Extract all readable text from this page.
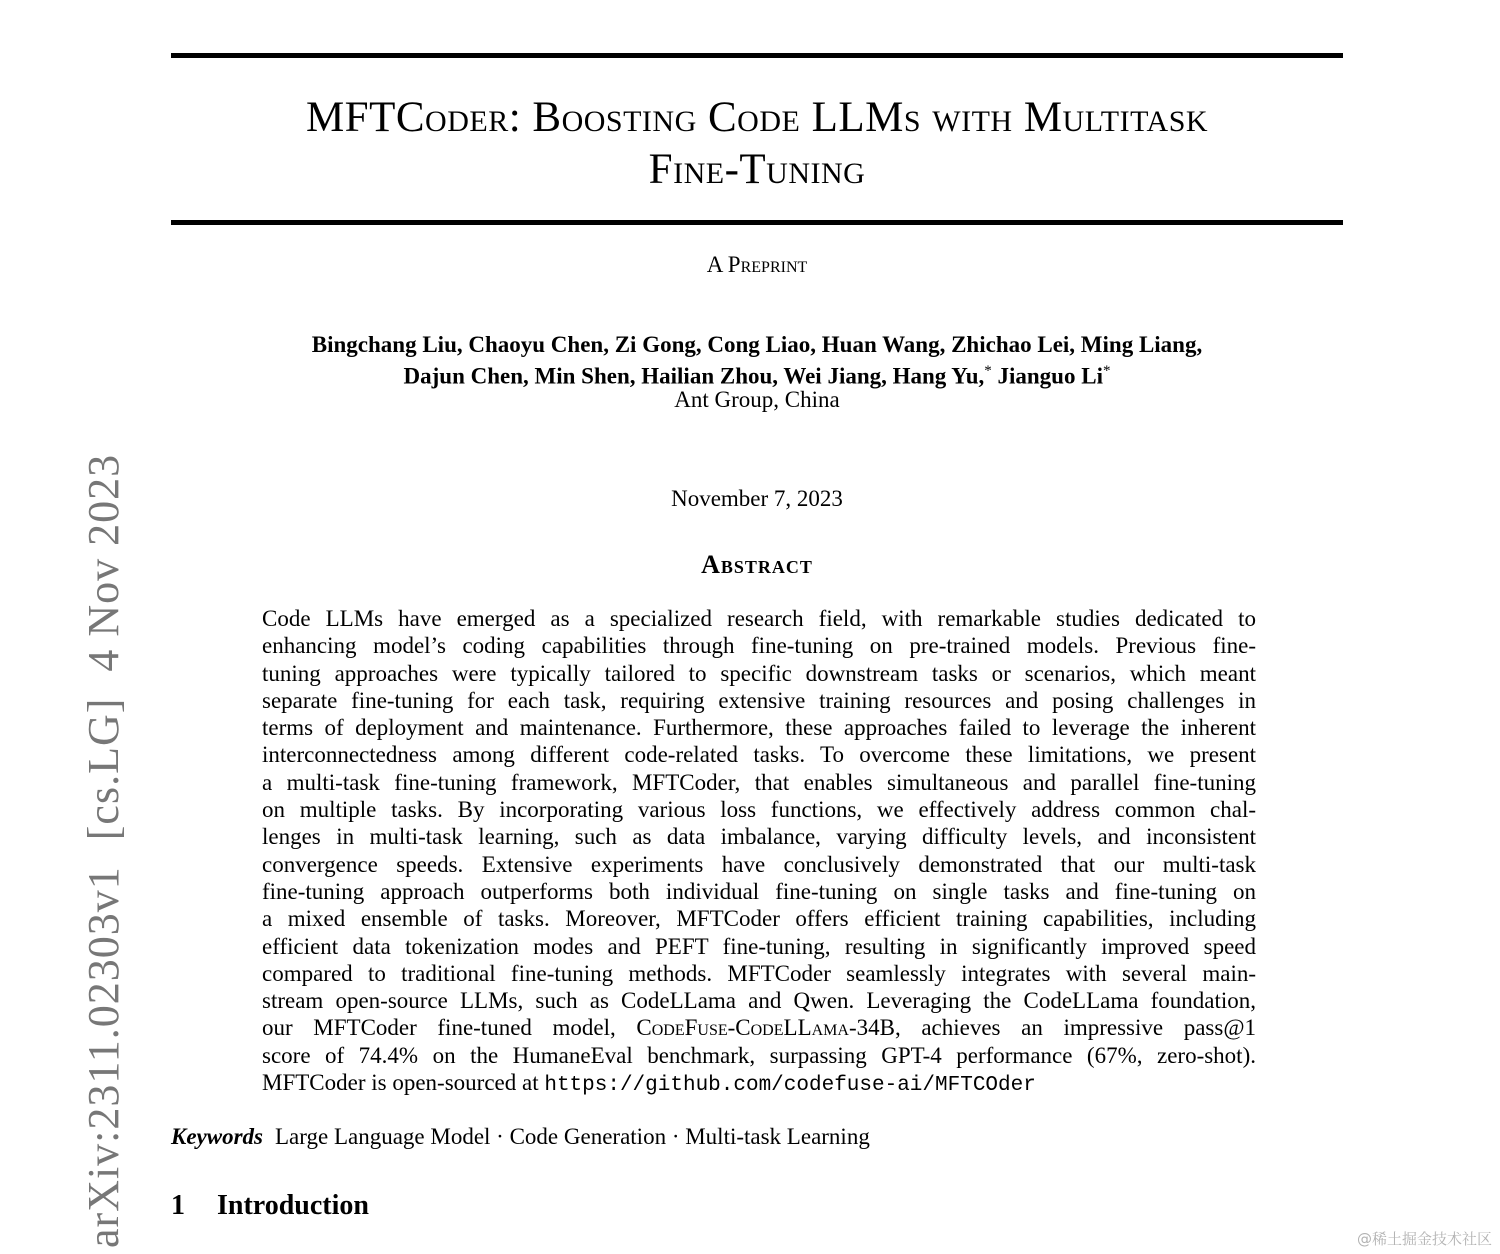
MFTCoder: Boosting Code LLMs with Multitask
Fine-Tuning
A Preprint
Bingchang Liu, Chaoyu Chen, Zi Gong, Cong Liao, Huan Wang, Zhichao Lei, Ming Liang,
Dajun Chen, Min Shen, Hailian Zhou, Wei Jiang, Hang Yu,* Jianguo Li*
Ant Group, China
November 7, 2023
Abstract
Code LLMs have emerged as a specialized research field, with remarkable studies dedicated to
enhancing model’s coding capabilities through fine-tuning on pre-trained models. Previous fine-
tuning approaches were typically tailored to specific downstream tasks or scenarios, which meant
separate fine-tuning for each task, requiring extensive training resources and posing challenges in
terms of deployment and maintenance. Furthermore, these approaches failed to leverage the inherent
interconnectedness among different code-related tasks. To overcome these limitations, we present
a multi-task fine-tuning framework, MFTCoder, that enables simultaneous and parallel fine-tuning
on multiple tasks. By incorporating various loss functions, we effectively address common chal-
lenges in multi-task learning, such as data imbalance, varying difficulty levels, and inconsistent
convergence speeds. Extensive experiments have conclusively demonstrated that our multi-task
fine-tuning approach outperforms both individual fine-tuning on single tasks and fine-tuning on
a mixed ensemble of tasks. Moreover, MFTCoder offers efficient training capabilities, including
efficient data tokenization modes and PEFT fine-tuning, resulting in significantly improved speed
compared to traditional fine-tuning methods. MFTCoder seamlessly integrates with several main-
stream open-source LLMs, such as CodeLLama and Qwen. Leveraging the CodeLLama foundation,
our MFTCoder fine-tuned model, CodeFuse-CodeLLama-34B, achieves an impressive pass@1
score of 74.4% on the HumaneEval benchmark, surpassing GPT-4 performance (67%, zero-shot).
MFTCoder is open-sourced at https://github.com/codefuse-ai/MFTCOder
Keywords Large Language Model · Code Generation · Multi-task Learning
1 Introduction
arXiv:2311.02303v1[cs.LG]4 Nov 2023
@稀土掘金技术社区
